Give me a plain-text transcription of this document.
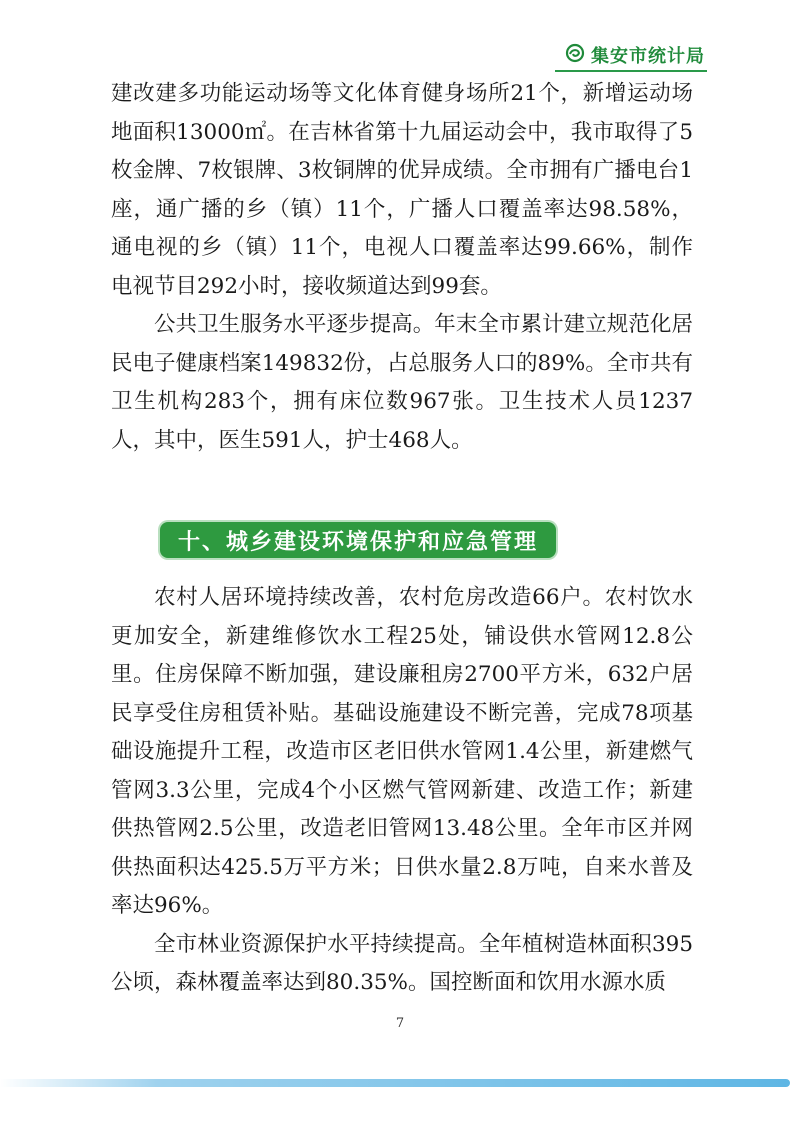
集安市统计局

建改建多功能运动场等文化体育健身场所21个，新增运动场地面积13000㎡。在吉林省第十九届运动会中，我市取得了5枚金牌、7枚银牌、3枚铜牌的优异成绩。全市拥有广播电台1座，通广播的乡（镇）11个，广播人口覆盖率达98.58%，通电视的乡（镇）11个，电视人口覆盖率达99.66%，制作电视节目292小时，接收频道达到99套。

公共卫生服务水平逐步提高。年末全市累计建立规范化居民电子健康档案149832份，占总服务人口的89%。全市共有卫生机构283个，拥有床位数967张。卫生技术人员1237人，其中，医生591人，护士468人。

十、城乡建设环境保护和应急管理

农村人居环境持续改善，农村危房改造66户。农村饮水更加安全，新建维修饮水工程25处，铺设供水管网12.8公里。住房保障不断加强，建设廉租房2700平方米，632户居民享受住房租赁补贴。基础设施建设不断完善，完成78项基础设施提升工程，改造市区老旧供水管网1.4公里，新建燃气管网3.3公里，完成4个小区燃气管网新建、改造工作；新建供热管网2.5公里，改造老旧管网13.48公里。全年市区并网供热面积达425.5万平方米；日供水量2.8万吨，自来水普及率达96%。

全市林业资源保护水平持续提高。全年植树造林面积395公顷，森林覆盖率达到80.35%。国控断面和饮用水源水质

7
